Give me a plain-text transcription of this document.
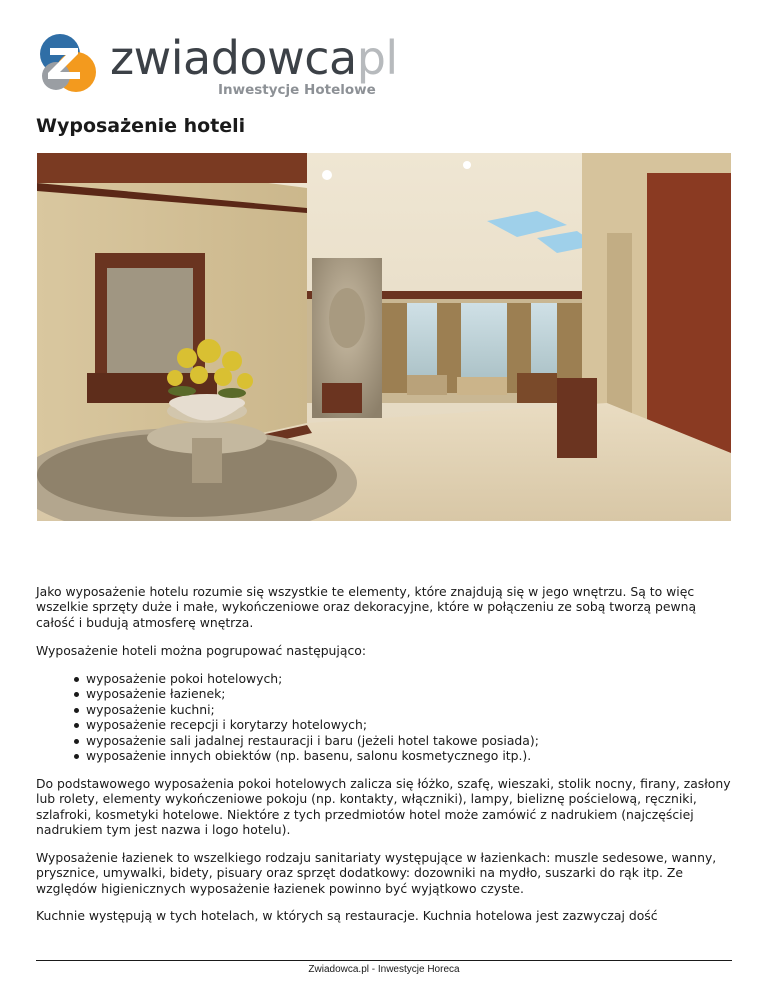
zwiadowcapl
Inwestycje Hotelowe
Wyposażenie hoteli
Jako wyposażenie hotelu rozumie się wszystkie te elementy, które znajdują się w jego wnętrzu. Są to więc wszelkie sprzęty duże i małe, wykończeniowe oraz dekoracyjne, które w połączeniu ze sobą tworzą pewną całość i budują atmosferę wnętrza.
Wyposażenie hoteli można pogrupować następująco:
wyposażenie pokoi hotelowych;
wyposażenie łazienek;
wyposażenie kuchni;
wyposażenie recepcji i korytarzy hotelowych;
wyposażenie sali jadalnej restauracji i baru (jeżeli hotel takowe posiada);
wyposażenie innych obiektów (np. basenu, salonu kosmetycznego itp.).
Do podstawowego wyposażenia pokoi hotelowych zalicza się łóżko, szafę, wieszaki, stolik nocny, firany, zasłony lub rolety, elementy wykończeniowe pokoju (np. kontakty, włączniki), lampy, bieliznę pościelową, ręczniki, szlafroki, kosmetyki hotelowe. Niektóre z tych przedmiotów hotel może zamówić z nadrukiem (najczęściej nadrukiem tym jest nazwa i logo hotelu).
Wyposażenie łazienek to wszelkiego rodzaju sanitariaty występujące w łazienkach: muszle sedesowe, wanny, prysznice, umywalki, bidety, pisuary oraz sprzęt dodatkowy: dozowniki na mydło, suszarki do rąk itp. Ze względów higienicznych wyposażenie łazienek powinno być wyjątkowo czyste.
Kuchnie występują w tych hotelach, w których są restauracje. Kuchnia hotelowa jest zazwyczaj dość
Zwiadowca.pl - Inwestycje Horeca
